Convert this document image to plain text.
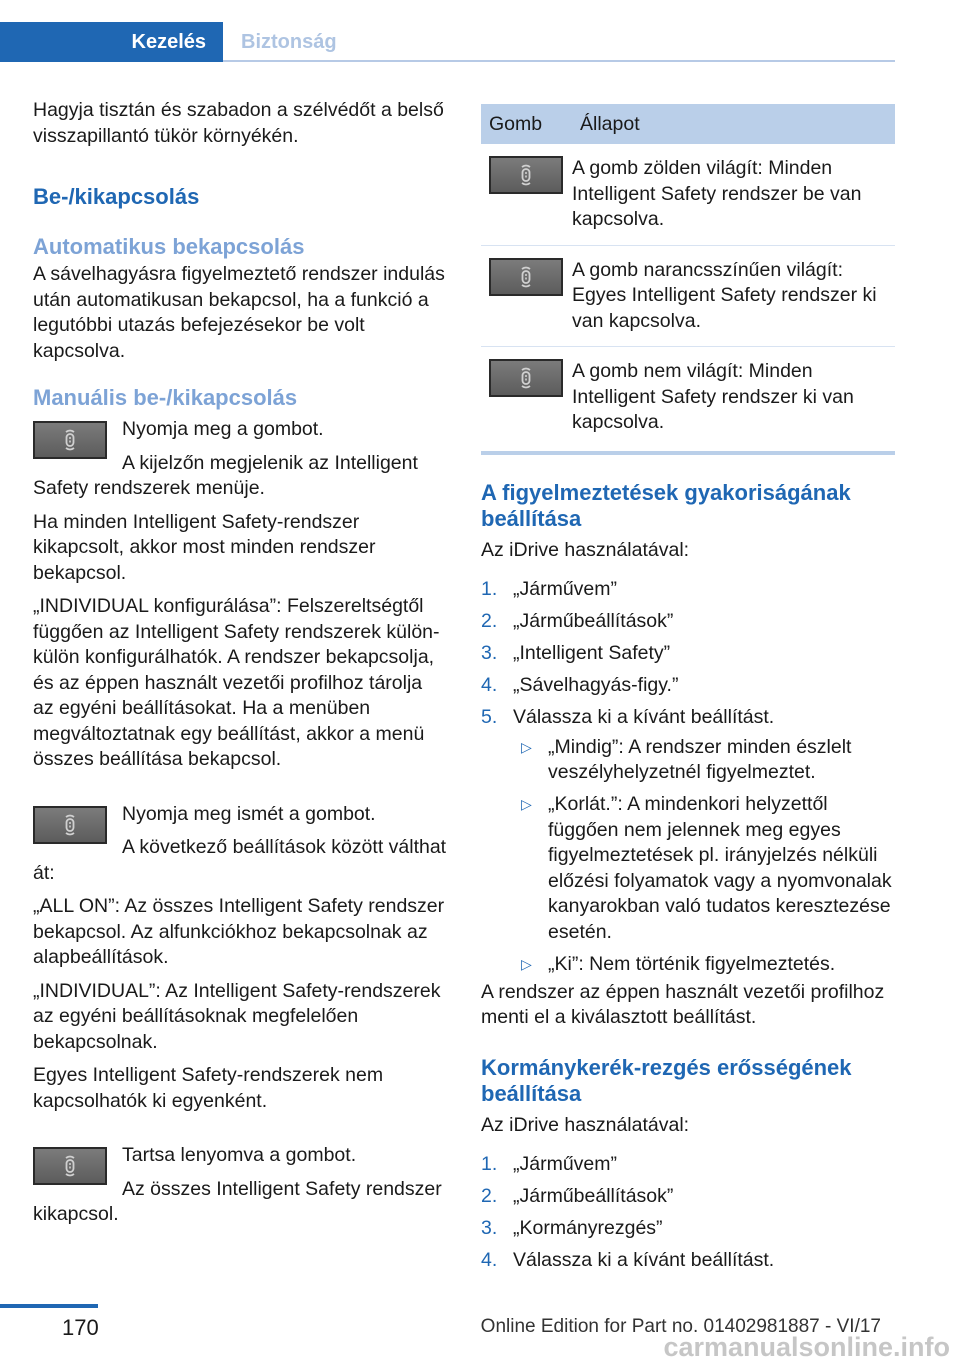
Kezelés	Biztonság

Hagyja tisztán és szabadon a szélvédőt a belső visszapillantó tükör környékén.

Be-/kikapcsolás
Automatikus bekapcsolás

A sávelhagyásra figyelmeztető rendszer indulás után automatikusan bekapcsol, ha a funkció a legutóbbi utazás befejezésekor be volt kapcsolva.

Manuális be-/kikapcsolás

Nyomja meg a gombot.

A kijelzőn megjelenik az Intelligent Safety rendszerek menüje.

Ha minden Intelligent Safety-rendszer kikapcsolt, akkor most minden rendszer bekapcsol.

„INDIVIDUAL konfigurálása”: Felszereltségtől függően az Intelligent Safety rendszerek külön-külön konfigurálhatók. A rendszer bekapcsolja, és az éppen használt vezetői profilhoz tárolja az egyéni beállításokat. Ha a menüben megváltoztatnak egy beállítást, akkor a menü összes beállítása bekapcsol.

Nyomja meg ismét a gombot.

A következő beállítások között válthat át:

„ALL ON”: Az összes Intelligent Safety rendszer bekapcsol. Az alfunkciókhoz bekapcsolnak az alapbeállítások.

„INDIVIDUAL”: Az Intelligent Safety-rendszerek az egyéni beállításoknak megfelelően bekapcsolnak.

Egyes Intelligent Safety-rendszerek nem kapcsolhatók ki egyenként.

Tartsa lenyomva a gombot.

Az összes Intelligent Safety rendszer kikapcsol.

Gomb	Állapot

	A gomb zölden világít: Minden Intelligent Safety rendszer be van kapcsolva.

	A gomb narancsszínűen világít: Egyes Intelligent Safety rendszer ki van kapcsolva.

	A gomb nem világít: Minden Intelligent Safety rendszer ki van kapcsolva.
A figyelmeztetések gyakoriságának beállítása

Az iDrive használatával:

1. „Járművem”
2. „Járműbeállítások”
3. „Intelligent Safety”
4. „Sávelhagyás-figy.”
5. Válassza ki a kívánt beállítást.
▷ „Mindig”: A rendszer minden észlelt veszélyhelyzetnél figyelmeztet.
▷ „Korlát.”: A mindenkori helyzettől függően nem jelennek meg egyes figyelmeztetések pl. irányjelzés nélküli előzési folyamatok vagy a nyomvonalak kanyarokban való tudatos keresztezése esetén.
▷ „Ki”: Nem történik figyelmeztetés.

A rendszer az éppen használt vezetői profilhoz menti el a kiválasztott beállítást.

Kormánykerék-rezgés erősségének beállítása

Az iDrive használatával:

1. „Járművem”
2. „Járműbeállítások”
3. „Kormányrezgés”
4. Válassza ki a kívánt beállítást.
170	Online Edition for Part no. 01402981887 - VI/17
carmanualsonline.info
